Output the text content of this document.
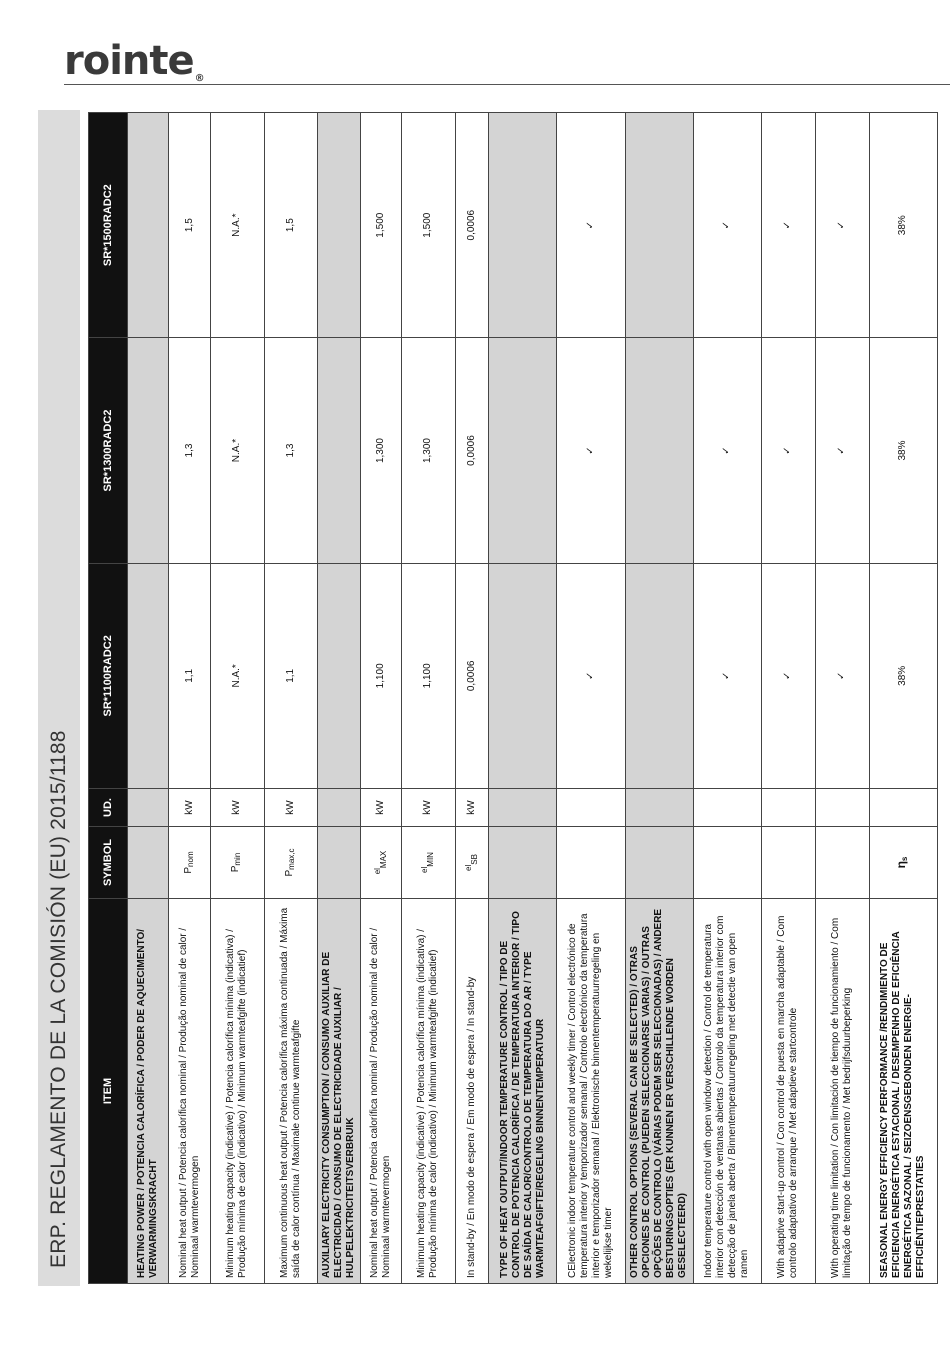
rointe®
ERP. REGLAMENTO DE LA COMISIÓN (EU) 2015/1188	ITEM	SYMBOL	UD.	SR*1100RADC2	SR*1300RADC2	SR*1500RADC2
HEATING POWER / POTENCIA CALORÍFICA / PODER DE AQUECIMENTO/ VERWARMINGSKRACHT					
Nominal heat output / Potencia calorífica nominal / Produção nominal de calor / Nominaal warmtevermogen	$P_{nom}$	kW	1,1	1,3	1,5
Minimum heating capacity (indicative) / Potencia calorífica mínima (indicativa) / Produção mínima de calor (indicativo) / Minimum warmteafgifte (indicatief)	$P_{min}$	kW	N.A.*	N.A.*	N.A.*
Maximum continuous heat output / Potencia calorífica máxima continuada / Máxima saída de calor contínua / Maximale continue warmteafgifte	$P_{max,c}$	kW	1,1	1,3	1,5
AUXILIARY ELECTRICITY CONSUMPTION / CONSUMO AUXILIAR DE ELECTRICIDAD / CONSUMO DE ELECTRICIDADE AUXILIAR / HULPELEKTRICITEITSVERBRUIK					
Nominal heat output / Potencia calorífica nominal / Produção nominal de calor / Nominaal warmtevermogen	$^{el}_{MAX}$	kW	1,100	1,300	1,500
Minimum heating capacity (indicative) / Potencia calorífica mínima (indicativa) / Produção mínima de calor (indicativo) / Minimum warmteafgifte (indicatief)	$^{el}_{MIN}$	kW	1,100	1,300	1,500
In stand-by / En modo de espera / Em modo de espera / In stand-by	$^{el}_{SB}$	kW	0,0006	0,0006	0,0006
TYPE OF HEAT OUTPUT/INDOOR TEMPERATURE CONTROL / TIPO DE CONTROL DE POTENCIA CALORÍFICA / DE TEMPERATURA INTERIOR / TIPO DE SAÍDA DE CALOR/CONTROLO DE TEMPERATURA DO AR / TYPE WARMTEAFGIFTE/REGELING BINNENTEMPERATUUR					
CElectronic indoor temperature control and weekly timer / Control electrónico de temperatura interior y temporizador semanal / Controlo electrónico da temperatura interior e temporizador semanal / Elektronische binnentemperatuurregeling en wekelijkse timer			✓	✓	✓
OTHER CONTROL OPTIONS (SEVERAL CAN BE SELECTED) / OTRAS OPCIONES DE CONTROL (PUEDEN SELECCIONARSE VARIAS) / OUTRAS OPÇÕES DE CONTROLO (VÁRIAS PODEM SER SELECCIONADAS) / ANDERE BESTURINGSOPTIES (ER KUNNEN ER VERSCHILLENDE WORDEN GESELECTEERD)					
Indoor temperature control with open window detection / Control de temperatura interior con detección de ventanas abiertas / Controlo da temperatura interior com detecção de janela aberta / Binnentemperatuurregeling met detectie van open ramen			✓	✓	✓
With adaptive start-up control / Con control de puesta en marcha adaptable / Com controlo adaptativo de arranque / Met adaptieve startcontrole			✓	✓	✓
With operating time limitation / Con limitación de tiempo de funcionamiento / Com limitação de tempo de funcionamento / Met bedrijfsduurbeperking			✓	✓	✓
SEASONAL ENERGY EFFICIENCY PERFORMANCE /RENDIMIENTO DE EFICIENCIA ENERGÉTICA ESTACIONAL / DESEMPENHO DE EFICIÊNCIA ENERGÉTICA SAZONAL / SEIZOENSGEBONDEN ENERGIE-EFFICIËNTIEPRESTATIES	$\eta_s$		38%	38%	38%
